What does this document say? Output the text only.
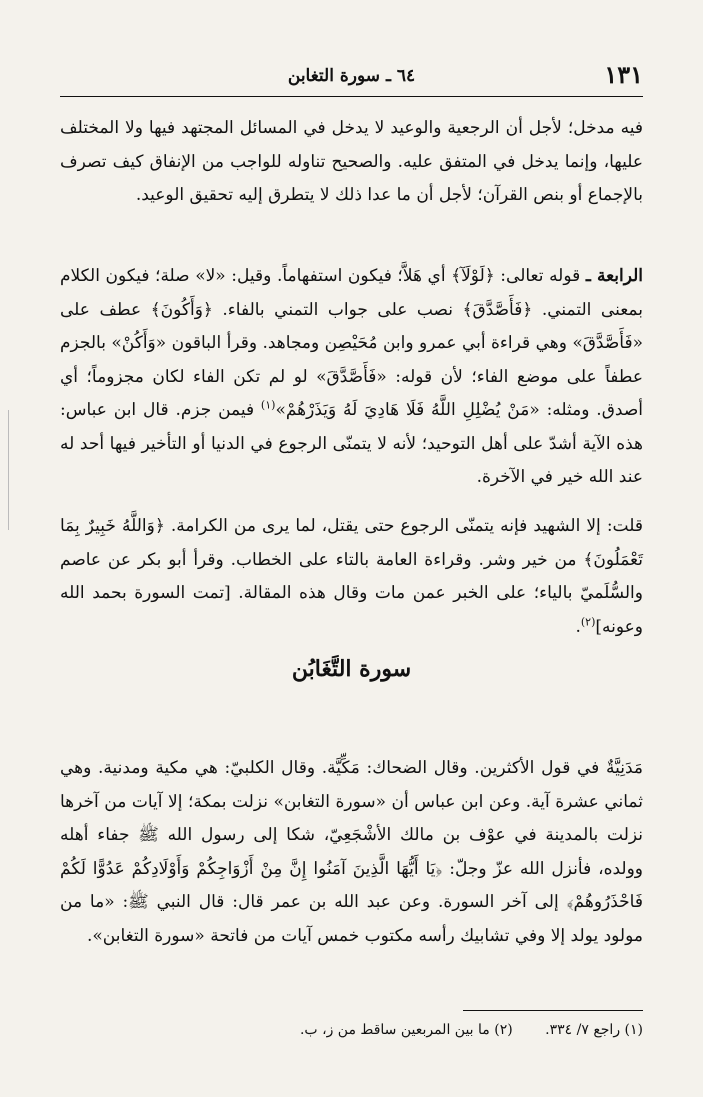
١٣١
٦٤ ـ سورة التغابن

فيه مدخل؛ لأجل أن الرجعية والوعيد لا يدخل في المسائل المجتهد فيها ولا المختلف عليها، وإنما يدخل في المتفق عليه. والصحيح تناوله للواجب من الإنفاق كيف تصرف بالإجماع أو بنص القرآن؛ لأجل أن ما عدا ذلك لا يتطرق إليه تحقيق الوعيد.

الرابعة ـ قوله تعالى: ﴿لَوْلَآ﴾ أي هَلاَّ؛ فيكون استفهاماً. وقيل: «لا» صلة؛ فيكون الكلام بمعنى التمني. ﴿فَأَصَّدَّقَ﴾ نصب على جواب التمني بالفاء. ﴿وَأَكُونَ﴾ عطف على «فَأَصَّدَّقَ» وهي قراءة أبي عمرو وابن مُحَيْصِن ومجاهد. وقرأ الباقون «وَأَكُنْ» بالجزم عطفاً على موضع الفاء؛ لأن قوله: «فَأَصَّدَّقَ» لو لم تكن الفاء لكان مجزوماً؛ أي أصدق. ومثله: «مَنْ يُضْلِلِ اللَّهُ فَلَا هَادِيَ لَهُ وَيَذَرْهُمْ»$^{(١)}$ فيمن جزم. قال ابن عباس: هذه الآية أشدّ على أهل التوحيد؛ لأنه لا يتمنّى الرجوع في الدنيا أو التأخير فيها أحد له عند الله خير في الآخرة.

قلت: إلا الشهيد فإنه يتمنّى الرجوع حتى يقتل، لما يرى من الكرامة. ﴿وَاللَّهُ خَبِيرٌ بِمَا تَعْمَلُونَ﴾ من خير وشر. وقراءة العامة بالتاء على الخطاب. وقرأ أبو بكر عن عاصم والسُّلَميّ بالياء؛ على الخبر عمن مات وقال هذه المقالة. [تمت السورة بحمد الله وعونه]$^{(٢)}$.

سورة التَّغَابُن

مَدَنِيَّةٌ في قول الأكثرين. وقال الضحاك: مَكِّيَّة. وقال الكلبيّ: هي مكية ومدنية. وهي ثماني عشرة آية. وعن ابن عباس أن «سورة التغابن» نزلت بمكة؛ إلا آيات من آخرها نزلت بالمدينة في عوْف بن مالك الأشْجَعِيّ، شكا إلى رسول الله ﷺ جفاء أهله وولده، فأنزل الله عزّ وجلّ: ﴿يَا أَيُّهَا الَّذِينَ آمَنُوا إِنَّ مِنْ أَزْوَاجِكُمْ وَأَوْلَادِكُمْ عَدُوًّا لَكُمْ فَاحْذَرُوهُمْ﴾ إلى آخر السورة. وعن عبد الله بن عمر قال: قال النبي ﷺ: «ما من مولود يولد إلا وفي تشابيك رأسه مكتوب خمس آيات من فاتحة «سورة التغابن».

(١) راجع ٧/ ٣٣٤. (٢) ما بين المربعين ساقط من ز، ب.
